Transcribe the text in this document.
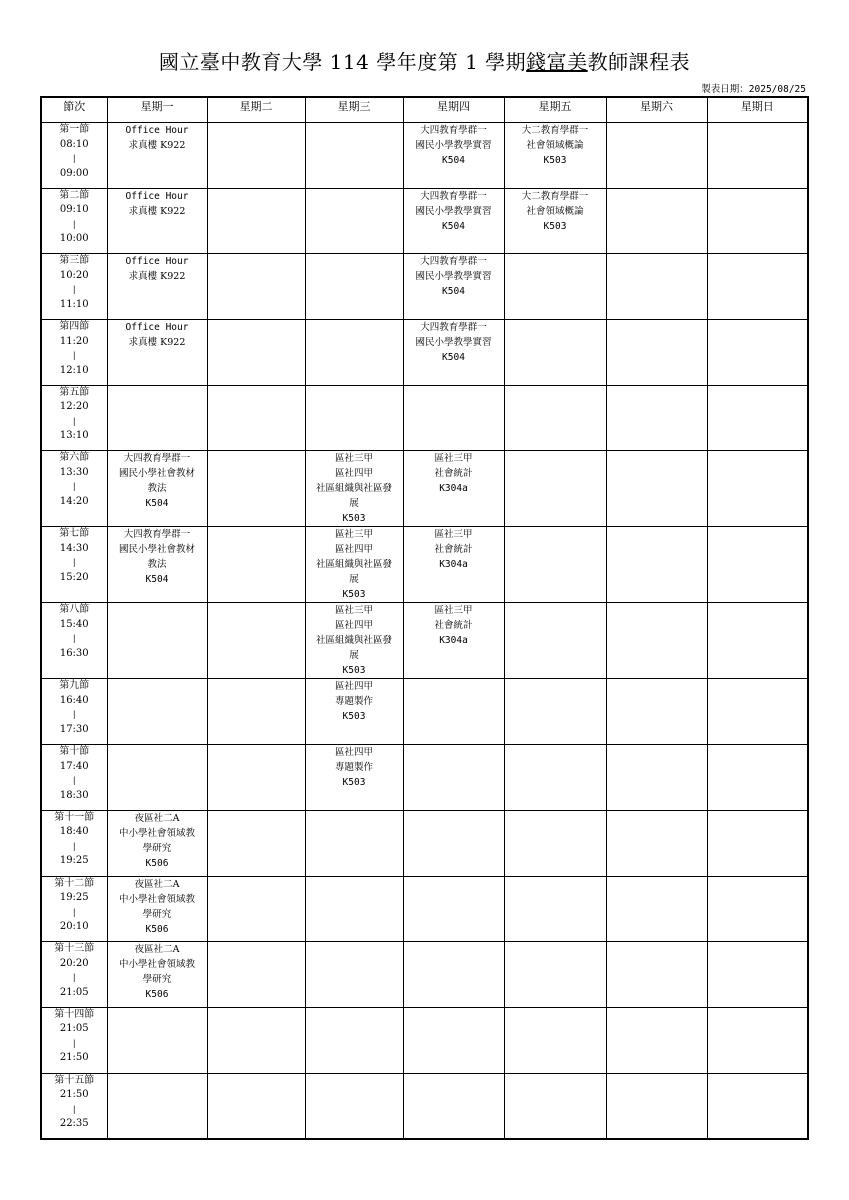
國立臺中教育大學 114 學年度第 1 學期錢富美教師課程表
製表日期：2025/08/25
節次	星期一	星期二	星期三	星期四	星期五	星期六	星期日

第一節
08:10
|
09:00	Office Hour
求真樓 K922			大四教育學群一
國民小學教學實習
K504	大二教育學群一
社會領域概論
K503		

第二節
09:10
|
10:00	Office Hour
求真樓 K922			大四教育學群一
國民小學教學實習
K504	大二教育學群一
社會領域概論
K503		

第三節
10:20
|
11:10	Office Hour
求真樓 K922			大四教育學群一
國民小學教學實習
K504			

第四節
11:20
|
12:10	Office Hour
求真樓 K922			大四教育學群一
國民小學教學實習
K504			

第五節
12:20
|
13:10							

第六節
13:30
|
14:20	大四教育學群一
國民小學社會教材
教法
K504		區社三甲
區社四甲
社區組織與社區發
展
K503	區社三甲
社會統計
K304a			

第七節
14:30
|
15:20	大四教育學群一
國民小學社會教材
教法
K504		區社三甲
區社四甲
社區組織與社區發
展
K503	區社三甲
社會統計
K304a			

第八節
15:40
|
16:30			區社三甲
區社四甲
社區組織與社區發
展
K503	區社三甲
社會統計
K304a			

第九節
16:40
|
17:30			區社四甲
專題製作
K503				

第十節
17:40
|
18:30			區社四甲
專題製作
K503				

第十一節
18:40
|
19:25	夜區社二A
中小學社會領域教
學研究
K506						

第十二節
19:25
|
20:10	夜區社二A
中小學社會領域教
學研究
K506						

第十三節
20:20
|
21:05	夜區社二A
中小學社會領域教
學研究
K506						

第十四節
21:05
|
21:50							

第十五節
21:50
|
22:35							
